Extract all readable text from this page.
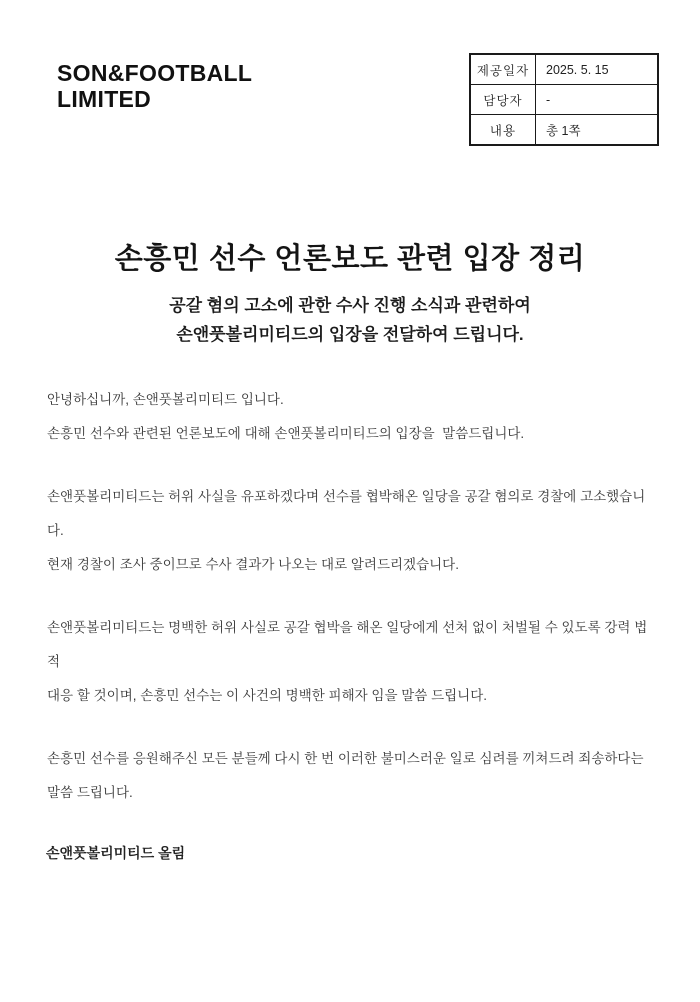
SON&FOOTBALL
LIMITED
제공일자	2025. 5. 15
담당자	-
내용	총 1쪽
손흥민 선수 언론보도 관련 입장 정리
공갈 혐의 고소에 관한 수사 진행 소식과 관련하여
손앤풋볼리미티드의 입장을 전달하여 드립니다.
안녕하십니까, 손앤풋볼리미티드 입니다.
손흥민 선수와 관련된 언론보도에 대해 손앤풋볼리미티드의 입장을  말씀드립니다.
손앤풋볼리미티드는 허위 사실을 유포하겠다며 선수를 협박해온 일당을 공갈 혐의로 경찰에 고소했습니다.
현재 경찰이 조사 중이므로 수사 결과가 나오는 대로 알려드리겠습니다.
손앤풋볼리미티드는 명백한 허위 사실로 공갈 협박을 해온 일당에게 선처 없이 처벌될 수 있도록 강력 법적
대응 할 것이며, 손흥민 선수는 이 사건의 명백한 피해자 임을 말씀 드립니다.
손흥민 선수를 응원해주신 모든 분들께 다시 한 번 이러한 불미스러운 일로 심려를 끼쳐드려 죄송하다는
말씀 드립니다.
손앤풋볼리미티드 올림
